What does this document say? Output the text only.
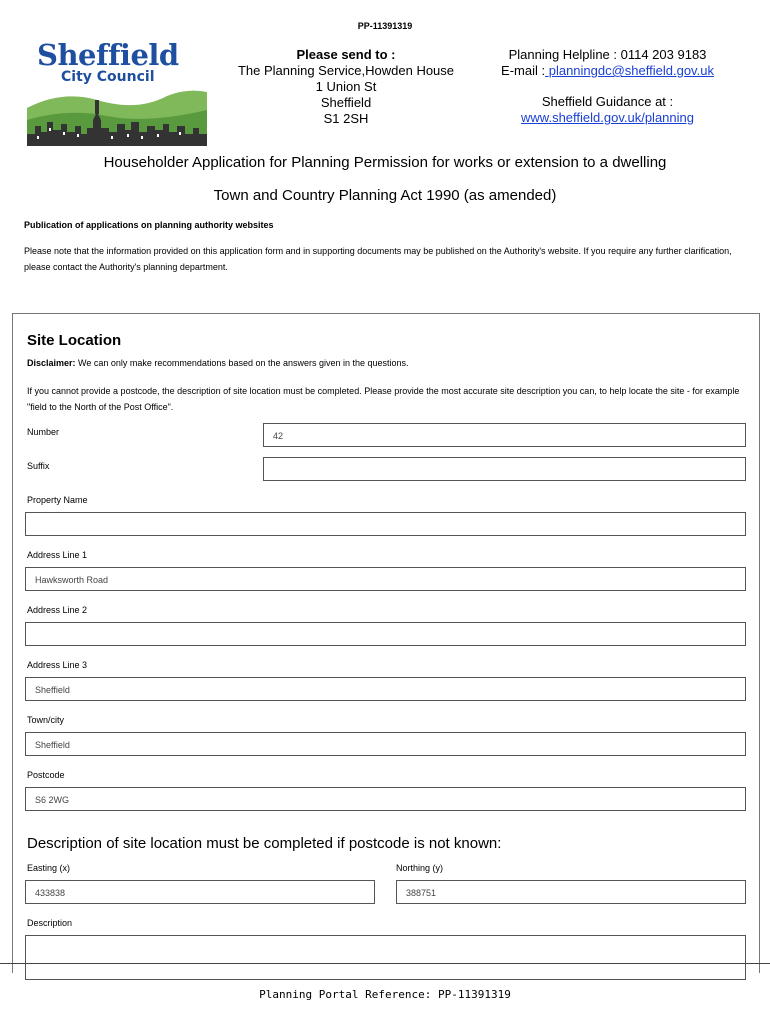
PP-11391319
Sheffield
City Council
Please send to :
The Planning Service,Howden House
1 Union St
Sheffield
S1 2SH
Planning Helpline : 0114 203 9183
E-mail : planningdc@sheffield.gov.uk
Sheffield Guidance at :
www.sheffield.gov.uk/planning
Householder Application for Planning Permission for works or extension to a dwelling
Town and Country Planning Act 1990 (as amended)
Publication of applications on planning authority websites
Please note that the information provided on this application form and in supporting documents may be published on the Authority's website. If you require any further clarification, please contact the Authority's planning department.
Site Location
Disclaimer: We can only make recommendations based on the answers given in the questions.
If you cannot provide a postcode, the description of site location must be completed. Please provide the most accurate site description you can, to help locate the site - for example "field to the North of the Post Office".
Number	42
Suffix
Property Name
Address Line 1
Hawksworth Road
Address Line 2
Address Line 3
Sheffield
Town/city
Sheffield
Postcode
S6 2WG
Description of site location must be completed if postcode is not known:
Easting (x)
433838
Northing (y)
388751
Description
Planning Portal Reference: PP-11391319
